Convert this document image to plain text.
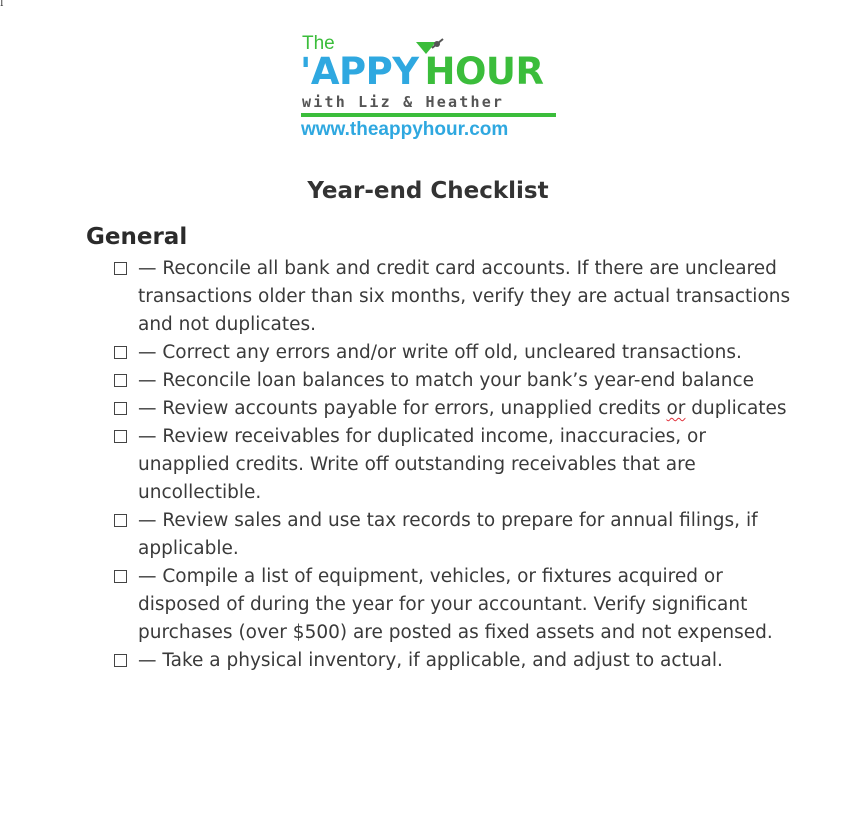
I
The
'APPY HOUR
with Liz & Heather
www.theappyhour.com
Year-end Checklist
General
— Reconcile all bank and credit card accounts. If there are uncleared transactions older than six months, verify they are actual transactions and not duplicates.
— Correct any errors and/or write off old, uncleared transactions.
— Reconcile loan balances to match your bank’s year-end balance
— Review accounts payable for errors, unapplied credits or duplicates
— Review receivables for duplicated income, inaccuracies, or unapplied credits. Write off outstanding receivables that are uncollectible.
— Review sales and use tax records to prepare for annual filings, if applicable.
— Compile a list of equipment, vehicles, or fixtures acquired or disposed of during the year for your accountant. Verify significant purchases (over $500) are posted as fixed assets and not expensed.
— Take a physical inventory, if applicable, and adjust to actual.
